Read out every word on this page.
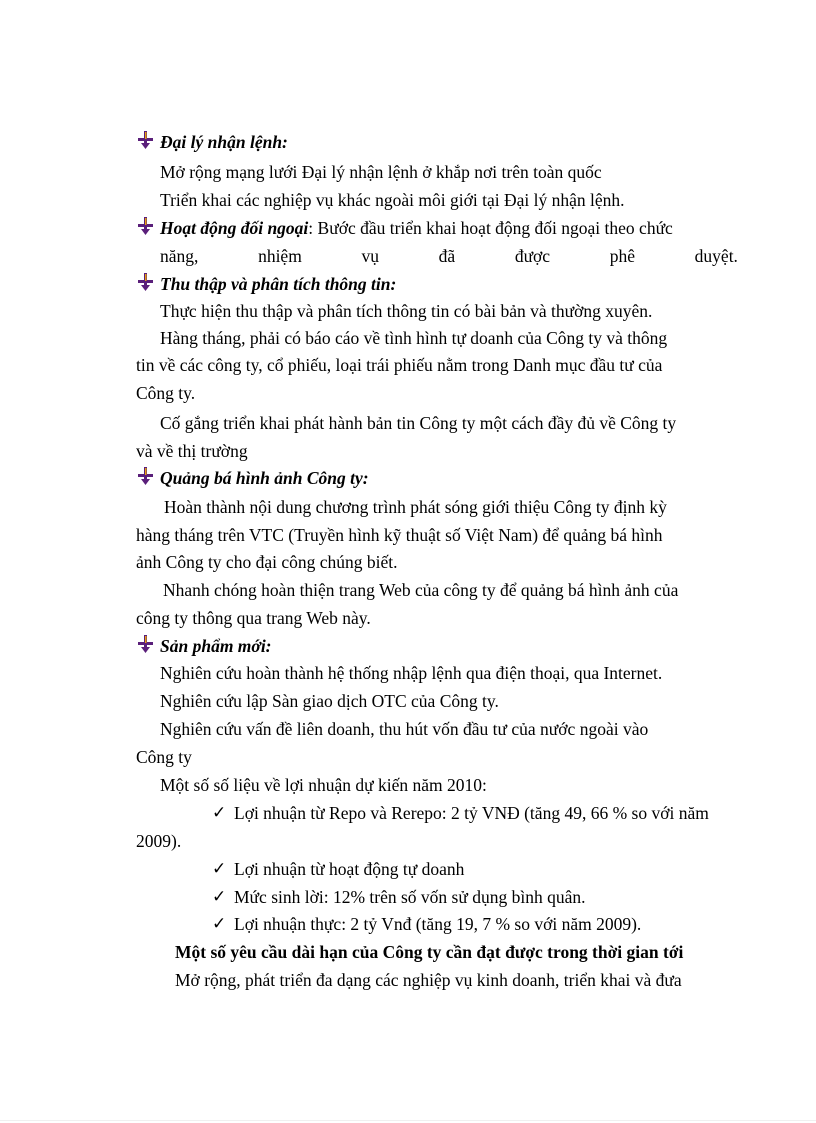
Đại lý nhận lệnh:
Mở rộng mạng lưới Đại lý nhận lệnh ở khắp nơi trên toàn quốc
Triển khai các nghiệp vụ khác ngoài môi giới tại Đại lý nhận lệnh.
Hoạt động đối ngoại: Bước đầu triển khai hoạt động đối ngoại theo chức
năng,	nhiệm	vụ	đã	được	phê	duyệt.
Thu thập và phân tích thông tin:
Thực hiện thu thập và phân tích thông tin có bài bản và thường xuyên.
Hàng tháng, phải có báo cáo về tình hình tự doanh của Công ty và thông
tin về các công ty, cổ phiếu, loại trái phiếu nằm trong Danh mục đầu tư của
Công ty.
Cố gắng triển khai phát hành bản tin Công ty một cách đầy đủ về Công ty
và về thị trường
Quảng bá hình ảnh Công ty:
Hoàn thành nội dung chương trình phát sóng giới thiệu Công ty định kỳ
hàng tháng trên VTC (Truyền hình kỹ thuật số Việt Nam) để quảng bá hình
ảnh Công ty cho đại công chúng biết.
Nhanh chóng hoàn thiện trang Web của công ty để quảng bá hình ảnh của
công ty thông qua trang Web này.
Sản phẩm mới:
Nghiên cứu hoàn thành hệ thống nhập lệnh qua điện thoại, qua Internet.
Nghiên cứu lập Sàn giao dịch OTC của Công ty.
Nghiên cứu vấn đề liên doanh, thu hút vốn đầu tư của nước ngoài vào
Công ty
Một số số liệu về lợi nhuận dự kiến năm 2010:
✓ Lợi nhuận từ Repo và Rerepo: 2 tỷ VNĐ (tăng 49, 66 % so với năm
2009).
✓ Lợi nhuận từ hoạt động tự doanh
✓ Mức sinh lời: 12% trên số vốn sử dụng bình quân.
✓ Lợi nhuận thực: 2 tỷ Vnđ (tăng 19, 7 % so với năm 2009).
Một số yêu cầu dài hạn của Công ty cần đạt được trong thời gian tới
Mở rộng, phát triển đa dạng các nghiệp vụ kinh doanh, triển khai và đưa
